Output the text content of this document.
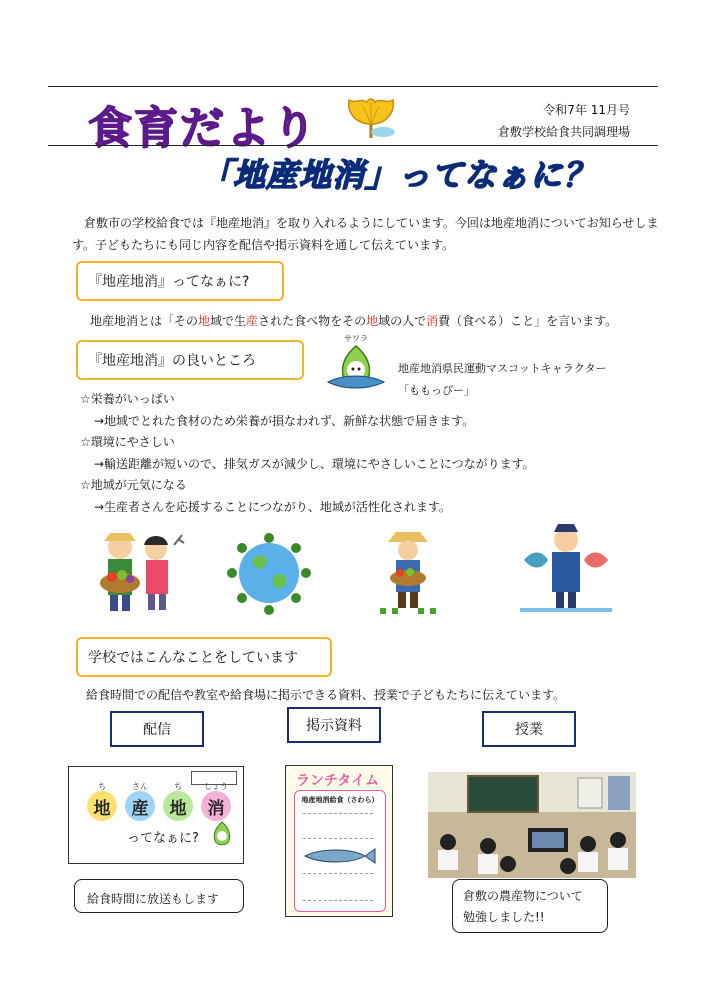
食育だより	令和7年 11月号
倉敷学校給食共同調理場
「地産地消」ってなぁに？
倉敷市の学校給食では『地産地消』を取り入れるようにしています。今回は地産地消についてお知らせします。子どもたちにも同じ内容を配信や掲示資料を通して伝えています。
『地産地消』ってなぁに?
地産地消とは「その地域で生産された食べ物をその地域の人で消費（食べる）こと」を言います。
『地産地消』の良いところ
サワラ
地産地消県民運動マスコットキャラクター
「ももっぴー」
☆栄養がいっぱい
→地域でとれた食材のため栄養が損なわれず、新鮮な状態で届きます。
☆環境にやさしい
→輸送距離が短いので、排気ガスが減少し、環境にやさしいことにつながります。
☆地域が元気になる
→生産者さんを応援することにつながり、地域が活性化されます。
学校ではこんなことをしています
給食時間での配信や教室や給食場に掲示できる資料、授業で子どもたちに伝えています。
配信	掲示資料	授業
ち	さん	ち	しょう
地	産	地	消
ってなぁに?
給食時間に放送もします
ランチタイム
地産地消給食（さわら）
倉敷の農産物について
勉強しました!!
